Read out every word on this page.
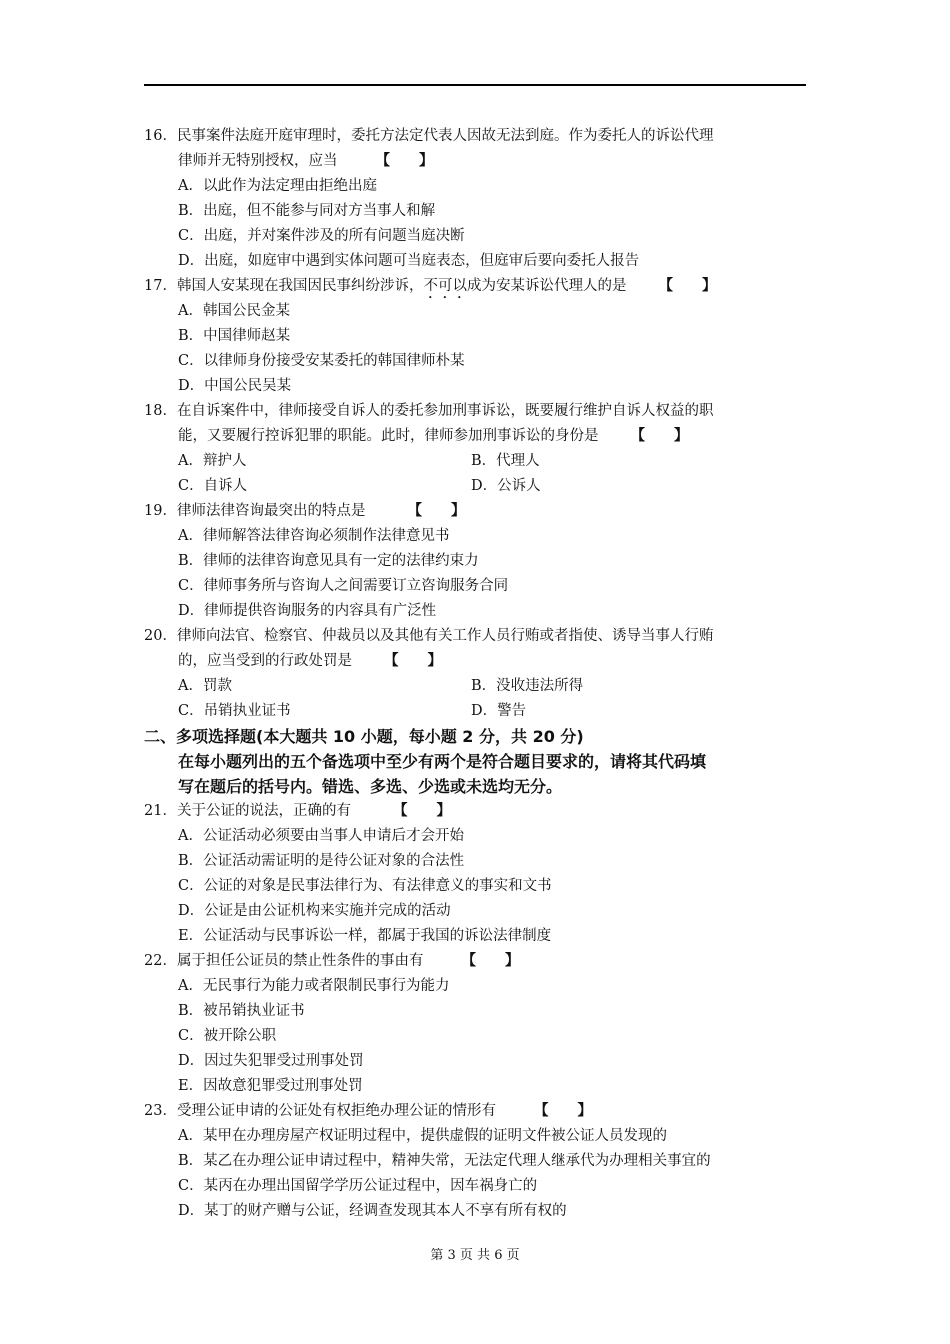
16．民事案件法庭开庭审理时，委托方法定代表人因故无法到庭。作为委托人的诉讼代理
律师并无特别授权，应当	【　　】
A．以此作为法定理由拒绝出庭
B．出庭，但不能参与同对方当事人和解
C．出庭，并对案件涉及的所有问题当庭决断
D．出庭，如庭审中遇到实体问题可当庭表态，但庭审后要向委托人报告
17．韩国人安某现在我国因民事纠纷涉诉，不可以成为安某诉讼代理人的是 【　　】
A．韩国公民金某
B．中国律师赵某
C．以律师身份接受安某委托的韩国律师朴某
D．中国公民吴某
18．在自诉案件中，律师接受自诉人的委托参加刑事诉讼，既要履行维护自诉人权益的职
能，又要履行控诉犯罪的职能。此时，律师参加刑事诉讼的身份是 【　　】
A．辩护人	B．代理人
C．自诉人	D．公诉人
19．律师法律咨询最突出的特点是	【　　】
A．律师解答法律咨询必须制作法律意见书
B．律师的法律咨询意见具有一定的法律约束力
C．律师事务所与咨询人之间需要订立咨询服务合同
D．律师提供咨询服务的内容具有广泛性
20．律师向法官、检察官、仲裁员以及其他有关工作人员行贿或者指使、诱导当事人行贿
的，应当受到的行政处罚是 【　　】
A．罚款	B．没收违法所得
C．吊销执业证书	D．警告
二、多项选择题(本大题共 10 小题，每小题 2 分，共 20 分)
在每小题列出的五个备选项中至少有两个是符合题目要求的，请将其代码填
写在题后的括号内。错选、多选、少选或未选均无分。
21．关于公证的说法，正确的有	【　　】
A．公证活动必须要由当事人申请后才会开始
B．公证活动需证明的是待公证对象的合法性
C．公证的对象是民事法律行为、有法律意义的事实和文书
D．公证是由公证机构来实施并完成的活动
E．公证活动与民事诉讼一样，都属于我国的诉讼法律制度
22．属于担任公证员的禁止性条件的事由有	【　　】
A．无民事行为能力或者限制民事行为能力
B．被吊销执业证书
C．被开除公职
D．因过失犯罪受过刑事处罚
E．因故意犯罪受过刑事处罚
23．受理公证申请的公证处有权拒绝办理公证的情形有	【　　】
A．某甲在办理房屋产权证明过程中，提供虚假的证明文件被公证人员发现的
B．某乙在办理公证申请过程中，精神失常，无法定代理人继承代为办理相关事宜的
C．某丙在办理出国留学学历公证过程中，因车祸身亡的
D．某丁的财产赠与公证，经调查发现其本人不享有所有权的
第 3 页 共 6 页
